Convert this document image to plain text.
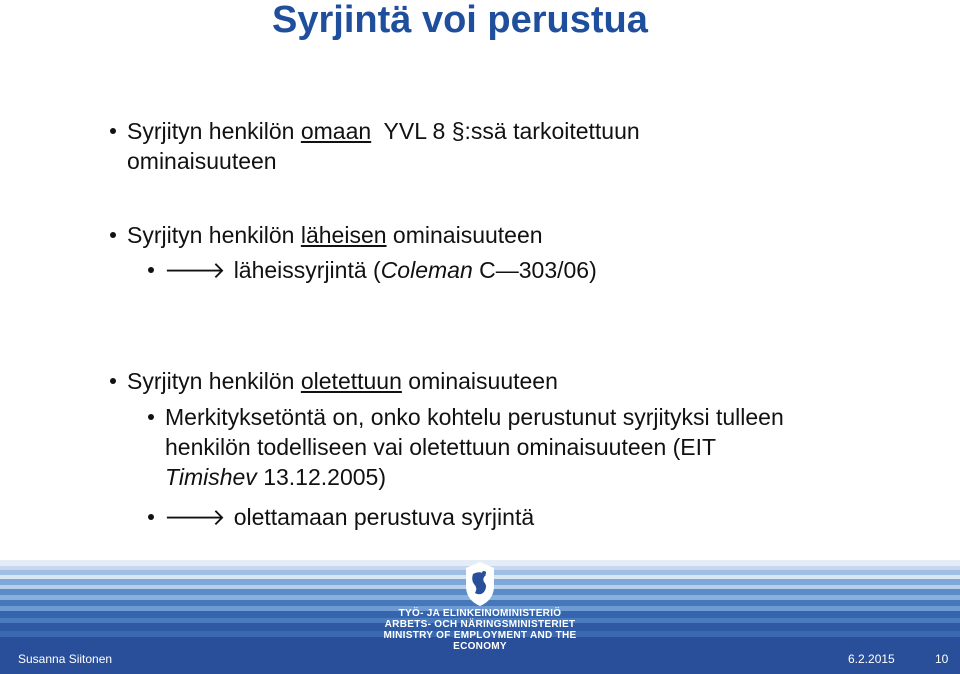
Syrjintä voi perustua
Syrjityn henkilön omaan  YVL 8 §:ssä tarkoitettuun
ominaisuuteen
Syrjityn henkilön läheisen ominaisuuteen
🡒 läheissyrjintä (Coleman C—303/06)
Syrjityn henkilön oletettuun ominaisuuteen
Merkityksetöntä on, onko kohtelu perustunut syrjityksi tulleen
henkilön todelliseen vai oletettuun ominaisuuteen (EIT
Timishev 13.12.2005)
🡒 olettamaan perustuva syrjintä
TYÖ- JA ELINKEINOMINISTERIÖ
ARBETS- OCH NÄRINGSMINISTERIET
MINISTRY OF EMPLOYMENT AND THE ECONOMY
Susanna Siitonen	6.2.2015	10
